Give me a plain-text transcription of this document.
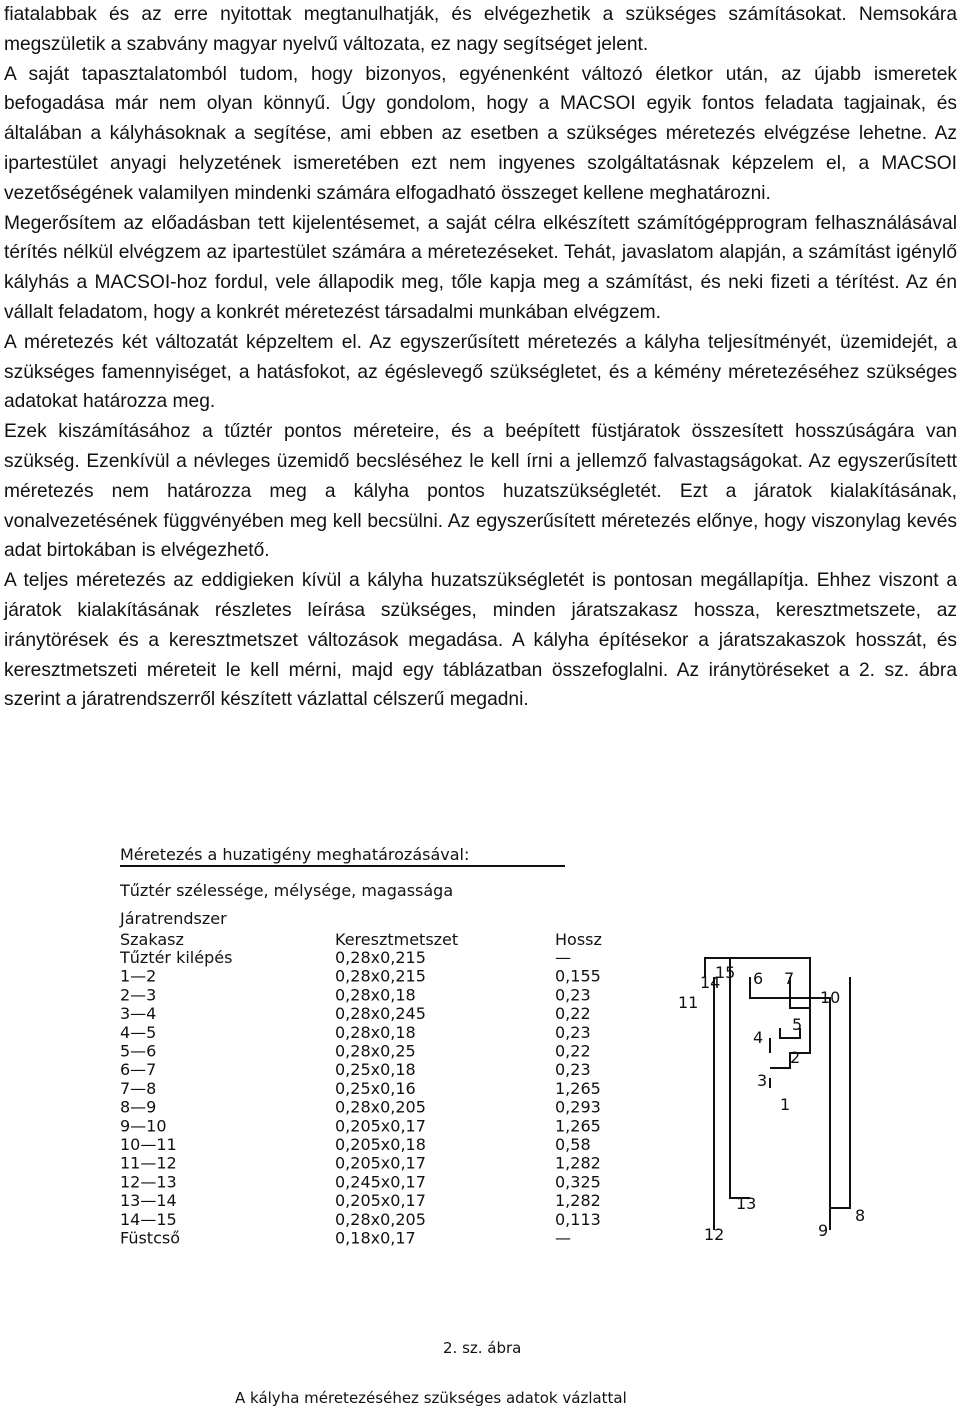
fiatalabbak és az erre nyitottak megtanulhatják, és elvégezhetik a szükséges számításokat. Nemsokára megszületik a szabvány magyar nyelvű változata, ez nagy segítséget jelent.

A saját tapasztalatomból tudom, hogy bizonyos, egyénenként változó életkor után, az újabb ismeretek befogadása már nem olyan könnyű. Úgy gondolom, hogy a MACSOI egyik fontos feladata tagjainak, és általában a kályhásoknak a segítése, ami ebben az esetben a szükséges méretezés elvégzése lehetne. Az ipartestület anyagi helyzetének ismeretében ezt nem ingyenes szolgáltatásnak képzelem el, a MACSOI vezetőségének valamilyen mindenki számára elfogadható összeget kellene meghatározni.

Megerősítem az előadásban tett kijelentésemet, a saját célra elkészített számítógépprogram felhasználásával térítés nélkül elvégzem az ipartestület számára a méretezéseket. Tehát, javaslatom alapján, a számítást igénylő kályhás a MACSOI-hoz fordul, vele állapodik meg, tőle kapja meg a számítást, és neki fizeti a térítést. Az én vállalt feladatom, hogy a konkrét méretezést társadalmi munkában elvégzem.

A méretezés két változatát képzeltem el. Az egyszerűsített méretezés a kályha teljesítményét, üzemidejét, a szükséges famennyiséget, a hatásfokot, az égéslevegő szükségletet, és a kémény méretezéséhez szükséges adatokat határozza meg.

Ezek kiszámításához a tűztér pontos méreteire, és a beépített füstjáratok összesített hosszúságára van szükség. Ezenkívül a névleges üzemidő becsléséhez le kell írni a jellemző falvastagságokat. Az egyszerűsített méretezés nem határozza meg a kályha pontos huzatszükségletét. Ezt a járatok kialakításának, vonalvezetésének függvényében meg kell becsülni. Az egyszerűsített méretezés előnye, hogy viszonylag kevés adat birtokában is elvégezhető.

A teljes méretezés az eddigieken kívül a kályha huzatszükségletét is pontosan megállapítja. Ehhez viszont a járatok kialakításának részletes leírása szükséges, minden járatszakasz hossza, keresztmetszete, az iránytörések és a keresztmetszet változások megadása. A kályha építésekor a járatszakaszok hosszát, és keresztmetszeti méreteit le kell mérni, majd egy táblázatban összefoglalni. Az iránytöréseket a 2. sz. ábra szerint a járatrendszerről készített vázlattal célszerű megadni.

Méretezés a huzatigény meghatározásával:
Tűztér szélessége, mélysége, magassága
Járatrendszer
Szakasz	Keresztmetszet	Hossz
Tűztér kilépés	0,28x0,215	—
1—2	0,28x0,215	0,155
2—3	0,28x0,18	0,23
3—4	0,28x0,245	0,22
4—5	0,28x0,18	0,23
5—6	0,28x0,25	0,22
6—7	0,25x0,18	0,23
7—8	0,25x0,16	1,265
8—9	0,28x0,205	0,293
9—10	0,205x0,17	1,265
10—11	0,205x0,18	0,58
11—12	0,205x0,17	1,282
12—13	0,245x0,17	0,325
13—14	0,205x0,17	1,282
14—15	0,28x0,205	0,113
Füstcső	0,18x0,17	—
15
14
11
6 7
10
4
5
2
3
1
13
12	9
8
2. sz. ábra
A kályha méretezéséhez szükséges adatok vázlattal
